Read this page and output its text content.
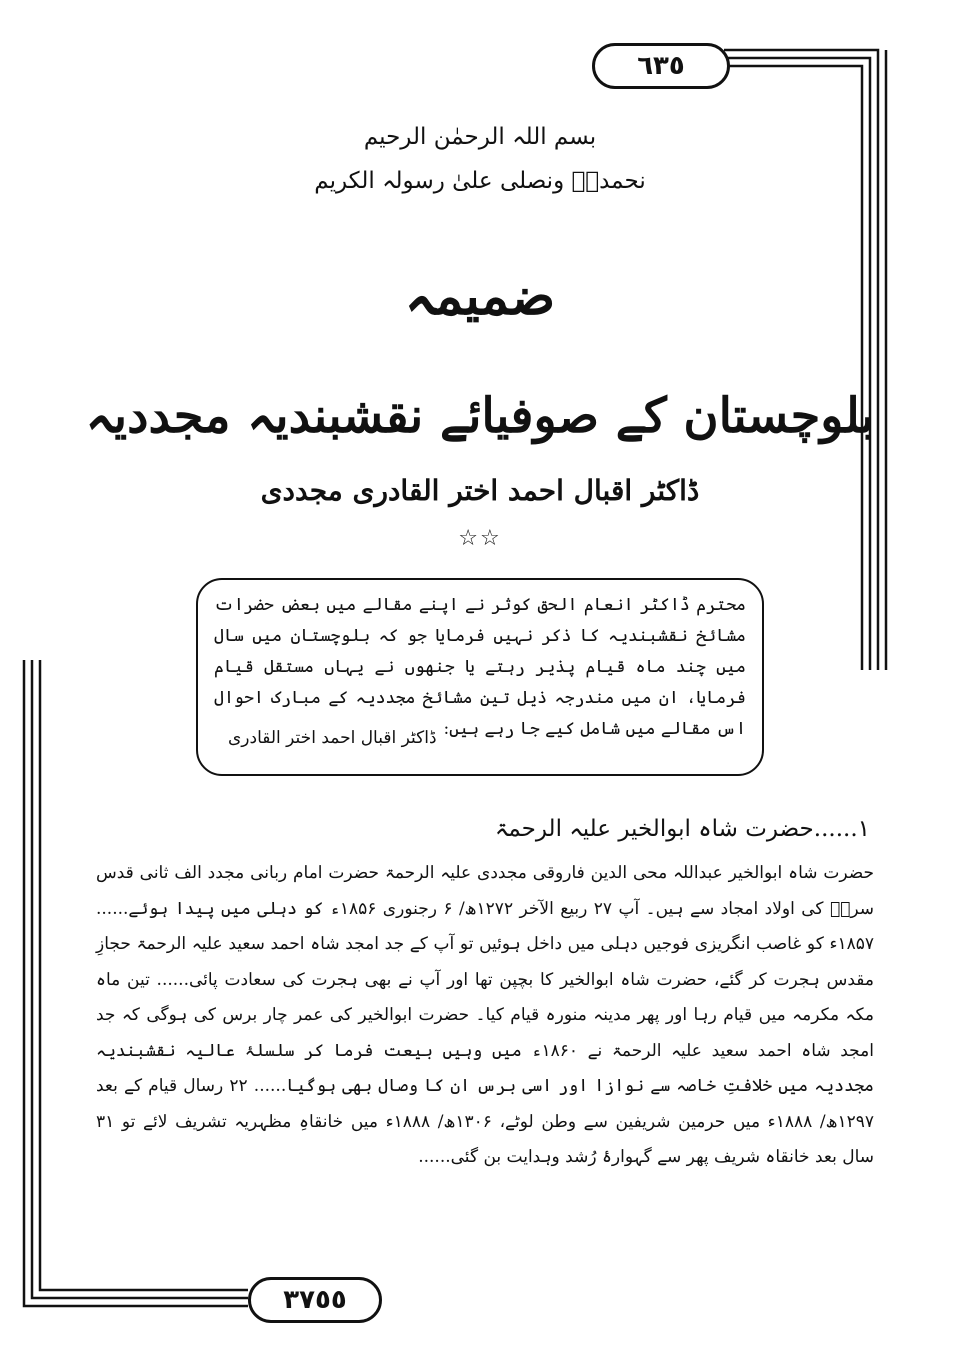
٦٣٥
٣٧٥٥
بسم اللہ الرحمٰن الرحیم
نحمدہٗ ونصلی علیٰ رسولہ الکریم
ضمیمہ
بلوچستان کے صوفیائے نقشبندیہ مجددیہ
ڈاکٹر اقبال احمد اختر القادری مجددی
☆☆
محترم ڈاکٹر انعام الحق کوثر نے اپنے مقالے میں بعض حضرات مشائخ نقشبندیہ کا ذکر نہیں فرمایا جو کہ بلوچستان میں سال میں چند ماہ قیام پذیر رہتے یا جنھوں نے یہاں مستقل قیام فرمایا، ان میں مندرجہ ذیل تین مشائخ مجددیہ کے مبارک احوال اس مقالے میں شامل کیے جا رہے ہیں:
ڈاکٹر اقبال احمد اختر القادری
۱......حضرت شاہ ابوالخیر علیہ الرحمۃ

حضرت شاہ ابوالخیر عبداللہ محی الدین فاروقی مجددی علیہ الرحمۃ حضرت امام ربانی مجدد الف ثانی قدس سرہٗ کی اولاد امجاد سے ہیں۔ آپ ۲۷ ربیع الآخر ۱۲۷۲ھ/ ۶ رجنوری ۱۸۵۶ء کو دہلی میں پیدا ہوئے...... ۱۸۵۷ء کو غاصب انگریزی فوجیں دہلی میں داخل ہوئیں تو آپ کے جد امجد شاہ احمد سعید علیہ الرحمۃ حجازِ مقدس ہجرت کر گئے، حضرت شاہ ابوالخیر کا بچپن تھا اور آپ نے بھی ہجرت کی سعادت پائی...... تین ماہ مکہ مکرمہ میں قیام رہا اور پھر مدینہ منورہ قیام کیا۔ حضرت ابوالخیر کی عمر چار برس کی ہوگی کہ جد امجد شاہ احمد سعید علیہ الرحمۃ نے ۱۸۶۰ء میں وہیں بیعت فرما کر سلسلۂ عالیہ نقشبندیہ مجددیہ میں خلافتِ خاصہ سے نوازا اور اسی برس ان کا وصال بھی ہوگیا...... ۲۲ رسال قیام کے بعد ۱۲۹۷ھ/ ۱۸۸۸ء میں حرمین شریفین سے وطن لوٹے، ۱۳۰۶ھ/ ۱۸۸۸ء میں خانقاہِ مظہریہ تشریف لائے تو ۳۱ سال بعد خانقاہ شریف پھر سے گہوارۂ رُشد وہدایت بن گئی......
